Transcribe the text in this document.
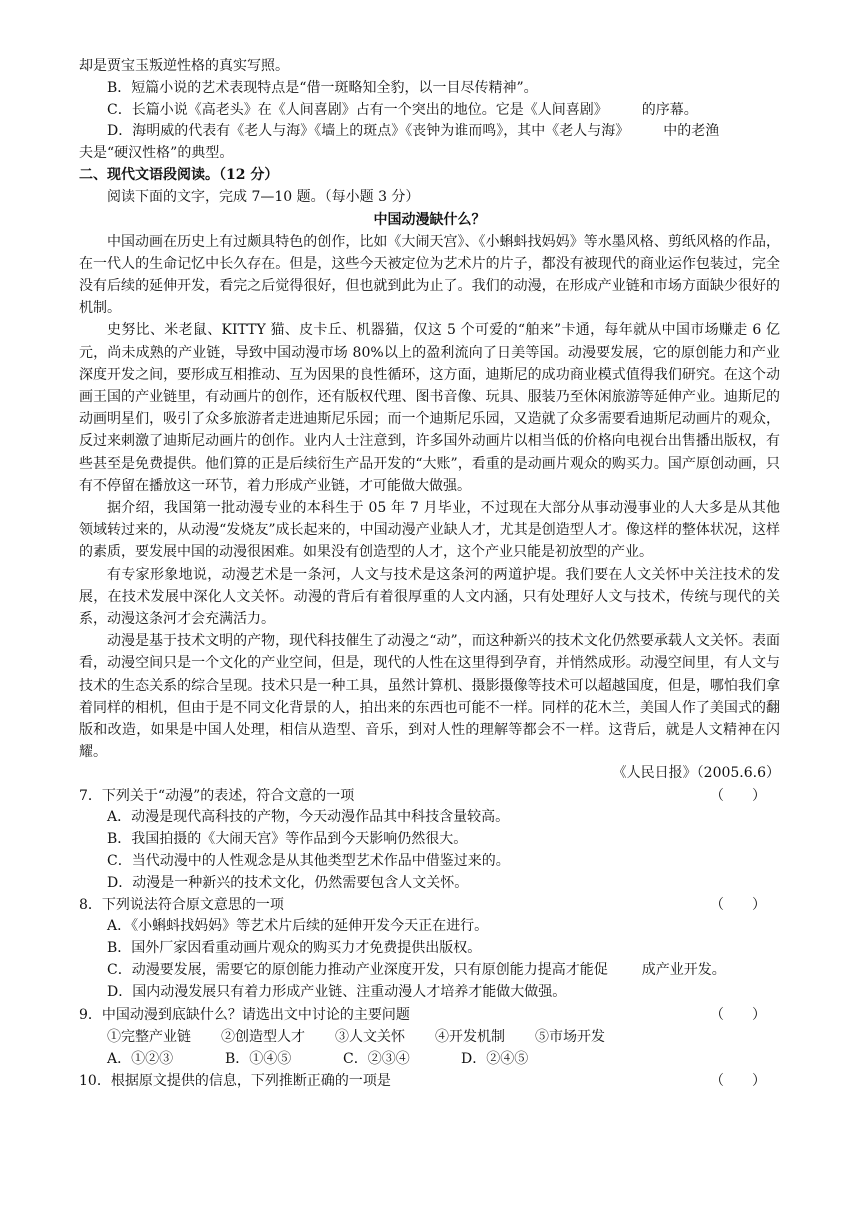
却是贾宝玉叛逆性格的真实写照。
B．短篇小说的艺术表现特点是“借一斑略知全豹，以一目尽传精神”。
C．长篇小说《高老头》在《人间喜剧》占有一个突出的地位。它是《人间喜剧》 的序幕。
D．海明威的代表有《老人与海》《墙上的斑点》《丧钟为谁而鸣》，其中《老人与海》 中的老渔
夫是“硬汉性格”的典型。
二、现代文语段阅读。（12 分）
阅读下面的文字，完成 7—10 题。（每小题 3 分）
中国动漫缺什么？

中国动画在历史上有过颇具特色的创作，比如《大闹天宫》、《小蝌蚪找妈妈》等水墨风格、剪纸风格的作品，在一代人的生命记忆中长久存在。但是，这些今天被定位为艺术片的片子，都没有被现代的商业运作包装过，完全没有后续的延伸开发，看完之后觉得很好，但也就到此为止了。我们的动漫，在形成产业链和市场方面缺少很好的机制。

史努比、米老鼠、KITTY 猫、皮卡丘、机器猫，仅这 5 个可爱的“舶来”卡通，每年就从中国市场赚走 6 亿元，尚未成熟的产业链，导致中国动漫市场 80%以上的盈利流向了日美等国。动漫要发展，它的原创能力和产业深度开发之间，要形成互相推动、互为因果的良性循环，这方面，迪斯尼的成功商业模式值得我们研究。在这个动画王国的产业链里，有动画片的创作，还有版权代理、图书音像、玩具、服装乃至休闲旅游等延伸产业。迪斯尼的动画明星们，吸引了众多旅游者走进迪斯尼乐园；而一个迪斯尼乐园，又造就了众多需要看迪斯尼动画片的观众，反过来刺激了迪斯尼动画片的创作。业内人士注意到，许多国外动画片以相当低的价格向电视台出售播出版权，有些甚至是免费提供。他们算的正是后续衍生产品开发的“大账”，看重的是动画片观众的购买力。国产原创动画，只有不停留在播放这一环节，着力形成产业链，才可能做大做强。

据介绍，我国第一批动漫专业的本科生于 05 年 7 月毕业，不过现在大部分从事动漫事业的人大多是从其他领域转过来的，从动漫“发烧友”成长起来的，中国动漫产业缺人才，尤其是创造型人才。像这样的整体状况，这样的素质，要发展中国的动漫很困难。如果没有创造型的人才，这个产业只能是初放型的产业。

有专家形象地说，动漫艺术是一条河，人文与技术是这条河的两道护堤。我们要在人文关怀中关注技术的发展，在技术发展中深化人文关怀。动漫的背后有着很厚重的人文内涵，只有处理好人文与技术，传统与现代的关系，动漫这条河才会充满活力。

动漫是基于技术文明的产物，现代科技催生了动漫之“动”，而这种新兴的技术文化仍然要承载人文关怀。表面看，动漫空间只是一个文化的产业空间，但是，现代的人性在这里得到孕育，并悄然成形。动漫空间里，有人文与技术的生态关系的综合呈现。技术只是一种工具，虽然计算机、摄影摄像等技术可以超越国度，但是，哪怕我们拿着同样的相机，但由于是不同文化背景的人，拍出来的东西也可能不一样。同样的花木兰，美国人作了美国式的翻版和改造，如果是中国人处理，相信从造型、音乐，到对人性的理解等都会不一样。这背后，就是人文精神在闪耀。

《人民日报》（2005.6.6）
7．下列关于“动漫”的表述，符合文意的一项	（　　）
A．动漫是现代高科技的产物，今天动漫作品其中科技含量较高。
B．我国拍摄的《大闹天宫》等作品到今天影响仍然很大。
C．当代动漫中的人性观念是从其他类型艺术作品中借鉴过来的。
D．动漫是一种新兴的技术文化，仍然需要包含人文关怀。
8．下列说法符合原文意思的一项	（　　）
A．《小蝌蚪找妈妈》等艺术片后续的延伸开发今天正在进行。
B．国外厂家因看重动画片观众的购买力才免费提供出版权。
C．动漫要发展，需要它的原创能力推动产业深度开发，只有原创能力提高才能促 成产业开发。
D．国内动漫发展只有着力形成产业链、注重动漫人才培养才能做大做强。
9．中国动漫到底缺什么？请选出文中讨论的主要问题	（　　）
①完整产业链 ②创造型人才 ③人文关怀 ④开发机制 ⑤市场开发
A．①②③	B．①④⑤	C．②③④	D．②④⑤
10．根据原文提供的信息，下列推断正确的一项是	（　　）
